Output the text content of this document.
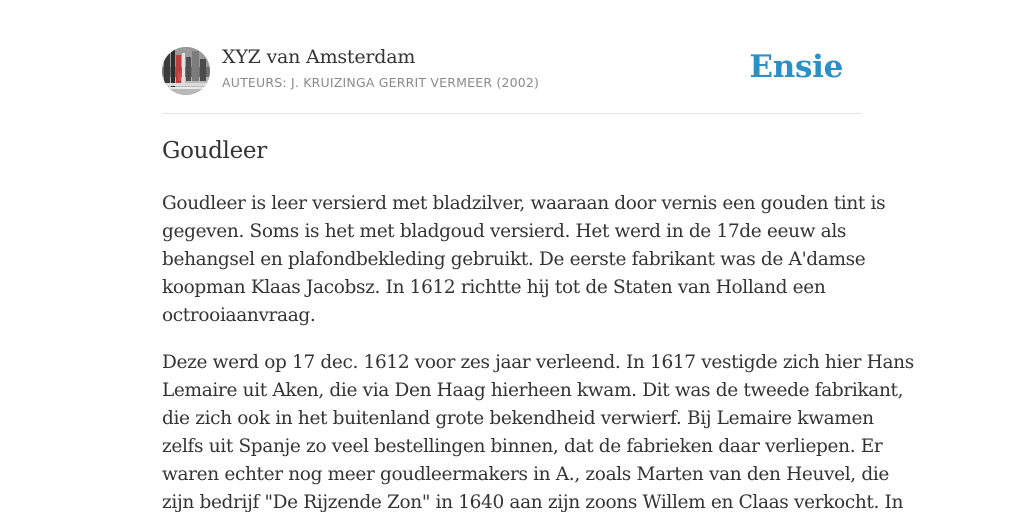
XYZ van Amsterdam
AUTEURS: J. KRUIZINGA GERRIT VERMEER (2002)	Ensie
Goudleer
Goudleer is leer versierd met bladzilver, waaraan door vernis een gouden tint is
gegeven. Soms is het met bladgoud versierd. Het werd in de 17de eeuw als
behangsel en plafondbekleding gebruikt. De eerste fabrikant was de A'damse
koopman Klaas Jacobsz. In 1612 richtte hij tot de Staten van Holland een
octrooiaanvraag.
Deze werd op 17 dec. 1612 voor zes jaar verleend. In 1617 vestigde zich hier Hans
Lemaire uit Aken, die via Den Haag hierheen kwam. Dit was de tweede fabrikant,
die zich ook in het buitenland grote bekendheid verwierf. Bij Lemaire kwamen
zelfs uit Spanje zo veel bestellingen binnen, dat de fabrieken daar verliepen. Er
waren echter nog meer goudleermakers in A., zoals Marten van den Heuvel, die
zijn bedrijf "De Rijzende Zon" in 1640 aan zijn zoons Willem en Claas verkocht. In
